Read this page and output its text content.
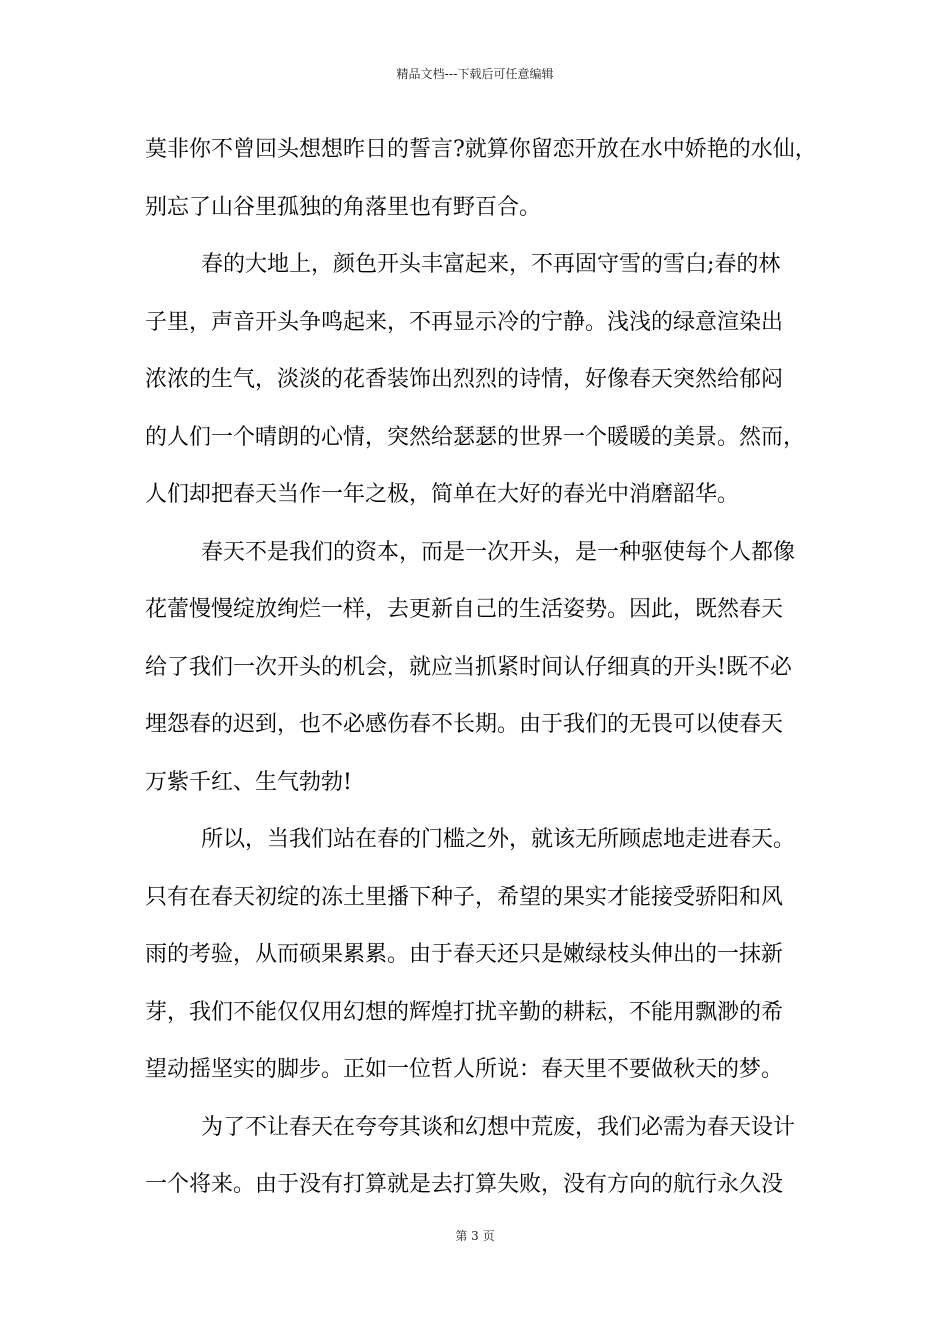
精品文档---下载后可任意编辑
莫非你不曾回头想想昨日的誓言?就算你留恋开放在水中娇艳的水仙，
别忘了山谷里孤独的角落里也有野百合。
春的大地上，颜色开头丰富起来，不再固守雪的雪白;春的林
子里，声音开头争鸣起来，不再显示冷的宁静。浅浅的绿意渲染出
浓浓的生气，淡淡的花香装饰出烈烈的诗情，好像春天突然给郁闷
的人们一个晴朗的心情，突然给瑟瑟的世界一个暖暖的美景。然而，
人们却把春天当作一年之极，简单在大好的春光中消磨韶华。
春天不是我们的资本，而是一次开头，是一种驱使每个人都像
花蕾慢慢绽放绚烂一样，去更新自己的生活姿势。因此，既然春天
给了我们一次开头的机会，就应当抓紧时间认仔细真的开头!既不必
埋怨春的迟到，也不必感伤春不长期。由于我们的无畏可以使春天
万紫千红、生气勃勃!
所以，当我们站在春的门槛之外，就该无所顾虑地走进春天。
只有在春天初绽的冻土里播下种子，希望的果实才能接受骄阳和风
雨的考验，从而硕果累累。由于春天还只是嫩绿枝头伸出的一抹新
芽，我们不能仅仅用幻想的辉煌打扰辛勤的耕耘，不能用飘渺的希
望动摇坚实的脚步。正如一位哲人所说：春天里不要做秋天的梦。
为了不让春天在夸夸其谈和幻想中荒废，我们必需为春天设计
一个将来。由于没有打算就是去打算失败，没有方向的航行永久没
第 3 页
